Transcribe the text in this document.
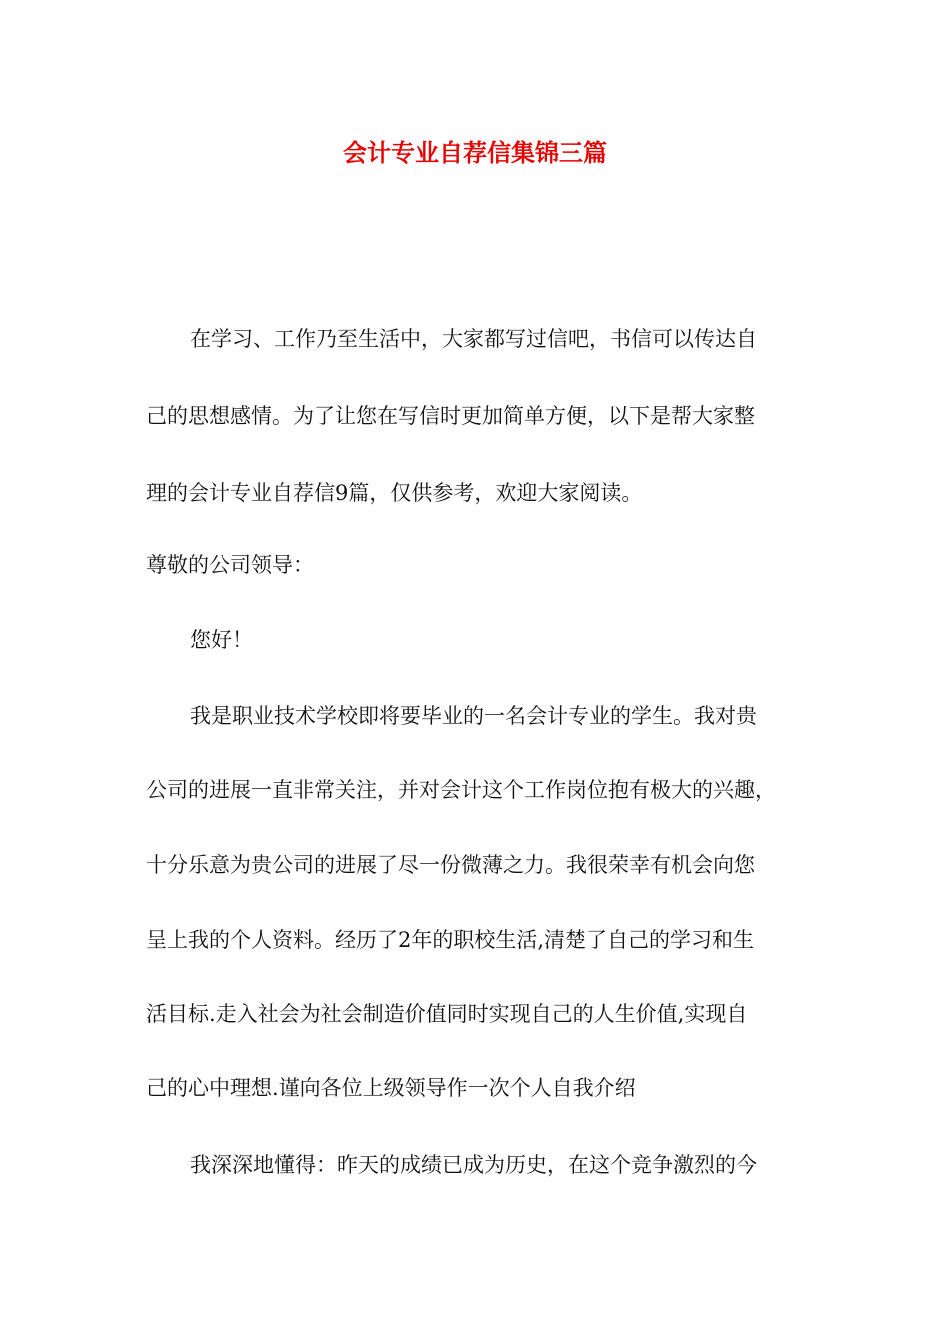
会计专业自荐信集锦三篇

在学习、工作乃至生活中，大家都写过信吧，书信可以传达自

己的思想感情。为了让您在写信时更加简单方便，以下是帮大家整

理的会计专业自荐信9篇，仅供参考，欢迎大家阅读。

尊敬的公司领导：

您好！

我是职业技术学校即将要毕业的一名会计专业的学生。我对贵

公司的进展一直非常关注，并对会计这个工作岗位抱有极大的兴趣，

十分乐意为贵公司的进展了尽一份微薄之力。我很荣幸有机会向您

呈上我的个人资料。经历了2年的职校生活,清楚了自己的学习和生

活目标.走入社会为社会制造价值同时实现自己的人生价值,实现自

己的心中理想.谨向各位上级领导作一次个人自我介绍

我深深地懂得：昨天的成绩已成为历史，在这个竞争激烈的今
